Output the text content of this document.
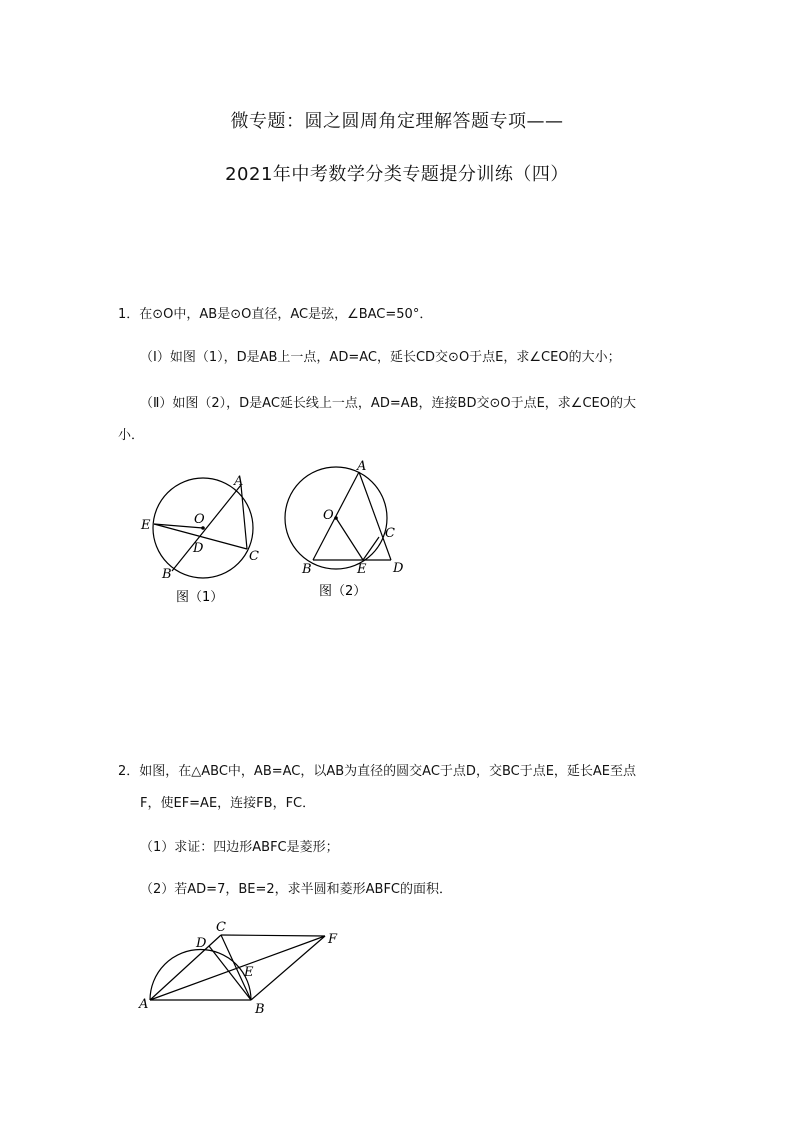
微专题：圆之圆周角定理解答题专项——
2021年中考数学分类专题提分训练（四）
1．在⊙O中，AB是⊙O直径，AC是弦，∠BAC=50°．
（Ⅰ）如图（1），D是AB上一点，AD=AC，延长CD交⊙O于点E，求∠CEO的大小；
（Ⅱ）如图（2），D是AC延长线上一点，AD=AB，连接BD交⊙O于点E，求∠CEO的大
小．
A
B
C
D
E	O
图（1）
A
B
C
D
E
O
图（2）
2．如图，在△ABC中，AB=AC，以AB为直径的圆交AC于点D，交BC于点E，延长AE至点
F，使EF=AE，连接FB，FC．
（1）求证：四边形ABFC是菱形；
（2）若AD=7，BE=2，求半圆和菱形ABFC的面积．
A	B
C
D
E
F
